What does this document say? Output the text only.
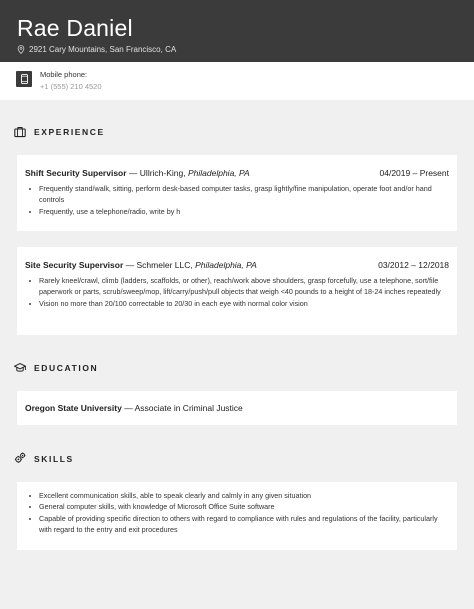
Rae Daniel
2921 Cary Mountains, San Francisco, CA
Mobile phone:
+1 (555) 210 4520
EXPERIENCE
Shift Security Supervisor — Ullrich-King, Philadelphia, PA	04/2019 – Present
Frequently stand/walk, sitting, perform desk-based computer tasks, grasp lightly/fine manipulation, operate foot and/or hand controls
Frequently, use a telephone/radio, write by h
Site Security Supervisor — Schmeler LLC, Philadelphia, PA	03/2012 – 12/2018
Rarely kneel/crawl, climb (ladders, scaffolds, or other), reach/work above shoulders, grasp forcefully, use a telephone, sort/file paperwork or parts, scrub/sweep/mop, lift/carry/push/pull objects that weigh <40 pounds to a height of 18-24 inches repeatedly
Vision no more than 20/100 correctable to 20/30 in each eye with normal color vision
EDUCATION
Oregon State University — Associate in Criminal Justice
SKILLS
Excellent communication skills, able to speak clearly and calmly in any given situation
General computer skills, with knowledge of Microsoft Office Suite software
Capable of providing specific direction to others with regard to compliance with rules and regulations of the facility, particularly with regard to the entry and exit procedures
